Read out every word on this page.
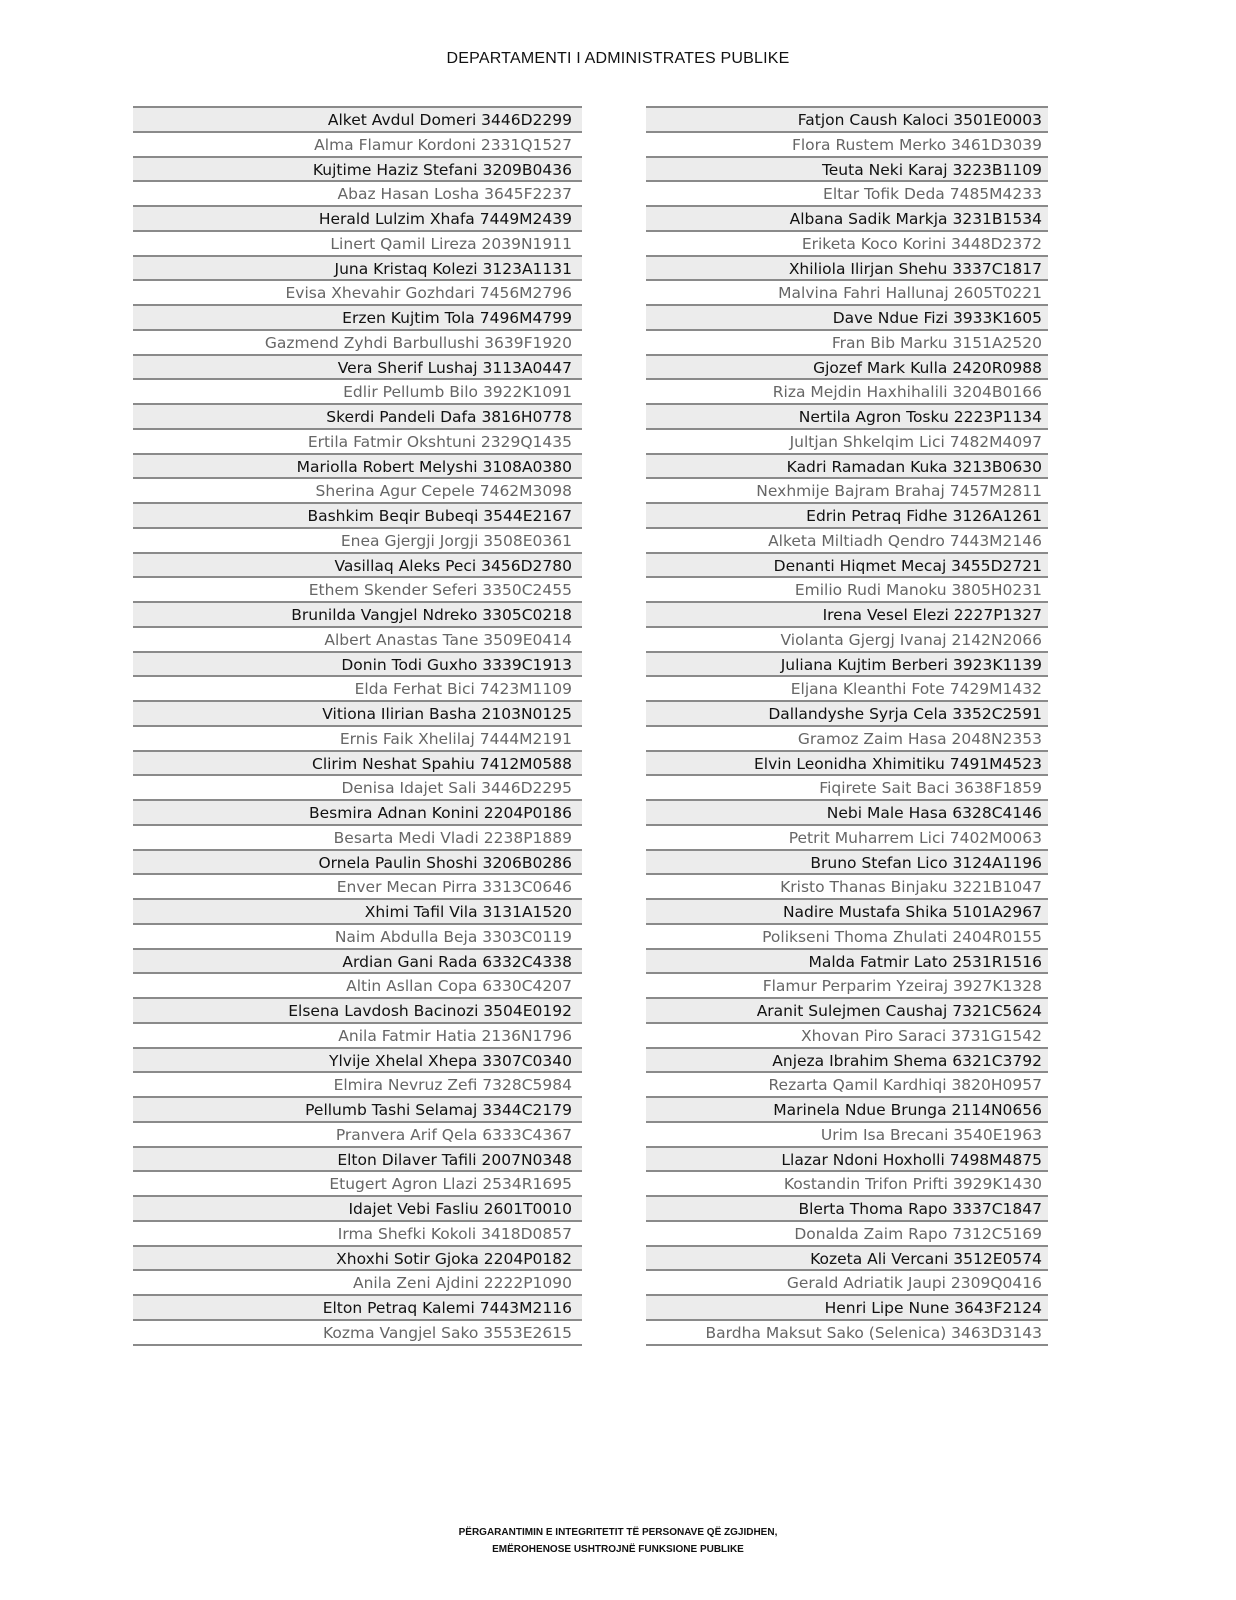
DEPARTAMENTI I ADMINISTRATES PUBLIKE
Alket Avdul Domeri 3446D2299
Alma Flamur Kordoni 2331Q1527
Kujtime Haziz Stefani 3209B0436
Abaz Hasan Losha 3645F2237
Herald Lulzim Xhafa 7449M2439
Linert Qamil Lireza 2039N1911
Juna Kristaq Kolezi 3123A1131
Evisa Xhevahir Gozhdari 7456M2796
Erzen Kujtim Tola 7496M4799
Gazmend Zyhdi Barbullushi 3639F1920
Vera Sherif Lushaj 3113A0447
Edlir Pellumb Bilo 3922K1091
Skerdi Pandeli Dafa 3816H0778
Ertila Fatmir Okshtuni 2329Q1435
Mariolla Robert Melyshi 3108A0380
Sherina Agur Cepele 7462M3098
Bashkim Beqir Bubeqi 3544E2167
Enea Gjergji Jorgji 3508E0361
Vasillaq Aleks Peci 3456D2780
Ethem Skender Seferi 3350C2455
Brunilda Vangjel Ndreko 3305C0218
Albert Anastas Tane 3509E0414
Donin Todi Guxho 3339C1913
Elda Ferhat Bici 7423M1109
Vitiona Ilirian Basha 2103N0125
Ernis Faik Xhelilaj 7444M2191
Clirim Neshat Spahiu 7412M0588
Denisa Idajet Sali 3446D2295
Besmira Adnan Konini 2204P0186
Besarta Medi Vladi 2238P1889
Ornela Paulin Shoshi 3206B0286
Enver Mecan Pirra 3313C0646
Xhimi Tafil Vila 3131A1520
Naim Abdulla Beja 3303C0119
Ardian Gani Rada 6332C4338
Altin Asllan Copa 6330C4207
Elsena Lavdosh Bacinozi 3504E0192
Anila Fatmir Hatia 2136N1796
Ylvije Xhelal Xhepa 3307C0340
Elmira Nevruz Zefi 7328C5984
Pellumb Tashi Selamaj 3344C2179
Pranvera Arif Qela 6333C4367
Elton Dilaver Tafili 2007N0348
Etugert Agron Llazi 2534R1695
Idajet Vebi Fasliu 2601T0010
Irma Shefki Kokoli 3418D0857
Xhoxhi Sotir Gjoka 2204P0182
Anila Zeni Ajdini 2222P1090
Elton Petraq Kalemi 7443M2116
Kozma Vangjel Sako 3553E2615
Fatjon Caush Kaloci 3501E0003
Flora Rustem Merko 3461D3039
Teuta Neki Karaj 3223B1109
Eltar Tofik Deda 7485M4233
Albana Sadik Markja 3231B1534
Eriketa Koco Korini 3448D2372
Xhiliola Ilirjan Shehu 3337C1817
Malvina Fahri Hallunaj 2605T0221
Dave Ndue Fizi 3933K1605
Fran Bib Marku 3151A2520
Gjozef Mark Kulla 2420R0988
Riza Mejdin Haxhihalili 3204B0166
Nertila Agron Tosku 2223P1134
Jultjan Shkelqim Lici 7482M4097
Kadri Ramadan Kuka 3213B0630
Nexhmije Bajram Brahaj 7457M2811
Edrin Petraq Fidhe 3126A1261
Alketa Miltiadh Qendro 7443M2146
Denanti Hiqmet Mecaj 3455D2721
Emilio Rudi Manoku 3805H0231
Irena Vesel Elezi 2227P1327
Violanta Gjergj Ivanaj 2142N2066
Juliana Kujtim Berberi 3923K1139
Eljana Kleanthi Fote 7429M1432
Dallandyshe Syrja Cela 3352C2591
Gramoz Zaim Hasa 2048N2353
Elvin Leonidha Xhimitiku 7491M4523
Fiqirete Sait Baci 3638F1859
Nebi Male Hasa 6328C4146
Petrit Muharrem Lici 7402M0063
Bruno Stefan Lico 3124A1196
Kristo Thanas Binjaku 3221B1047
Nadire Mustafa Shika 5101A2967
Polikseni Thoma Zhulati 2404R0155
Malda Fatmir Lato 2531R1516
Flamur Perparim Yzeiraj 3927K1328
Aranit Sulejmen Caushaj 7321C5624
Xhovan Piro Saraci 3731G1542
Anjeza Ibrahim Shema 6321C3792
Rezarta Qamil Kardhiqi 3820H0957
Marinela Ndue Brunga 2114N0656
Urim Isa Brecani 3540E1963
Llazar Ndoni Hoxholli 7498M4875
Kostandin Trifon Prifti 3929K1430
Blerta Thoma Rapo 3337C1847
Donalda Zaim Rapo 7312C5169
Kozeta Ali Vercani 3512E0574
Gerald Adriatik Jaupi 2309Q0416
Henri Lipe Nune 3643F2124
Bardha Maksut Sako (Selenica) 3463D3143
PËRGARANTIMIN E INTEGRITETIT TË PERSONAVE QË ZGJIDHEN,
EMËROHENOSE USHTROJNË FUNKSIONE PUBLIKE
